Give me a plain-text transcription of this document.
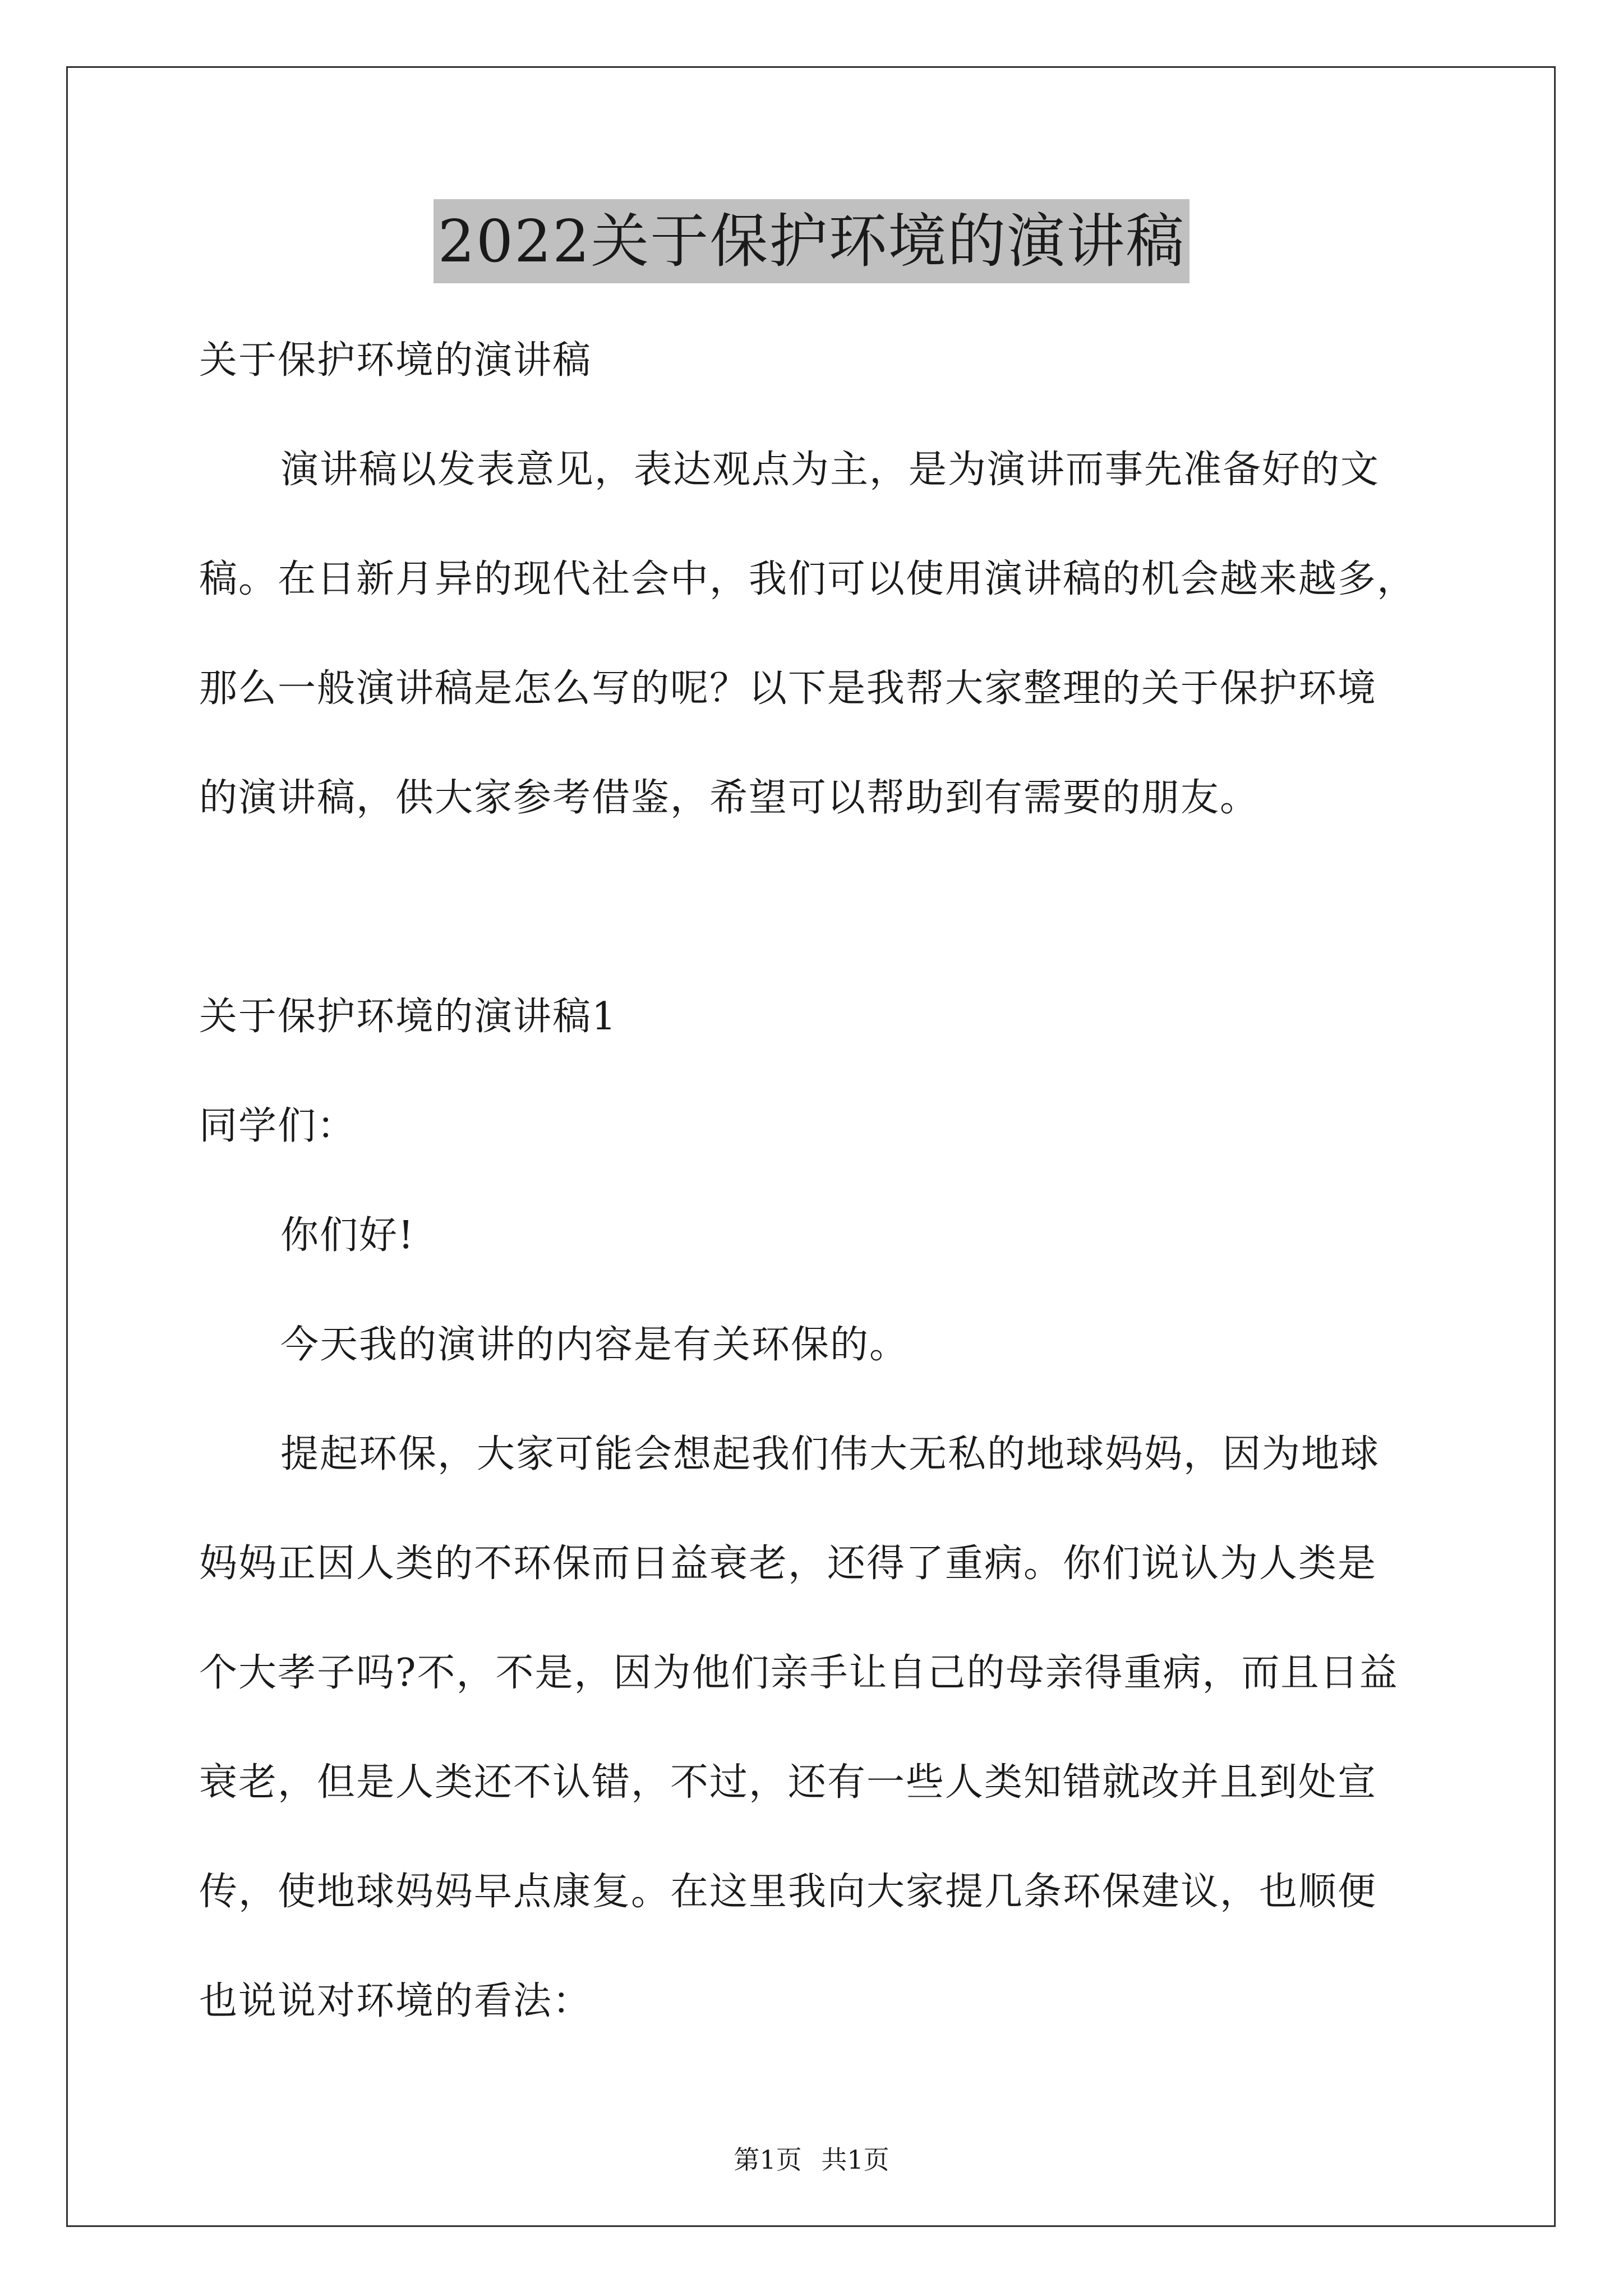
2022关于保护环境的演讲稿
关于保护环境的演讲稿
演讲稿以发表意见，表达观点为主，是为演讲而事先准备好的文
稿。在日新月异的现代社会中，我们可以使用演讲稿的机会越来越多，
那么一般演讲稿是怎么写的呢？以下是我帮大家整理的关于保护环境
的演讲稿，供大家参考借鉴，希望可以帮助到有需要的朋友。
关于保护环境的演讲稿1
同学们：
你们好!
今天我的演讲的内容是有关环保的。
提起环保，大家可能会想起我们伟大无私的地球妈妈，因为地球
妈妈正因人类的不环保而日益衰老，还得了重病。你们说认为人类是
个大孝子吗?不，不是，因为他们亲手让自己的母亲得重病，而且日益
衰老，但是人类还不认错，不过，还有一些人类知错就改并且到处宣
传，使地球妈妈早点康复。在这里我向大家提几条环保建议，也顺便
也说说对环境的看法：
第1页 共1页
